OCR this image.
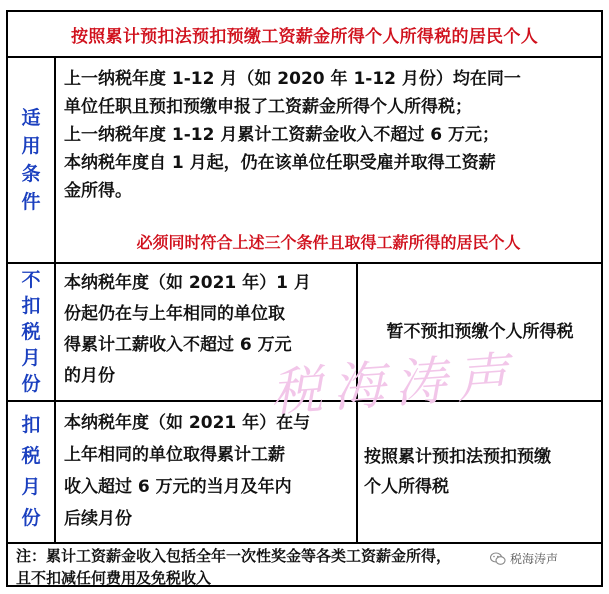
按照累计预扣法预扣预缴工资薪金所得个人所得税的居民个人
适
用
条
件
上一纳税年度 1-12 月（如 2020 年 1-12 月份）均在同一
单位任职且预扣预缴申报了工资薪金所得个人所得税；
上一纳税年度 1-12 月累计工资薪金收入不超过 6 万元；
本纳税年度自 1 月起，仍在该单位任职受雇并取得工资薪
金所得。
必须同时符合上述三个条件且取得工薪所得的居民个人
不
扣
税
月
份
本纳税年度（如 2021 年）1 月
份起仍在与上年相同的单位取
得累计工薪收入不超过 6 万元
的月份
暂不预扣预缴个人所得税
扣
税
月
份
本纳税年度（如 2021 年）在与
上年相同的单位取得累计工薪
收入超过 6 万元的当月及年内
后续月份
按照累计预扣法预扣预缴
个人所得税
注：累计工资薪金收入包括全年一次性奖金等各类工资薪金所得，
且不扣减任何费用及免税收入
税海涛声
税海涛声
